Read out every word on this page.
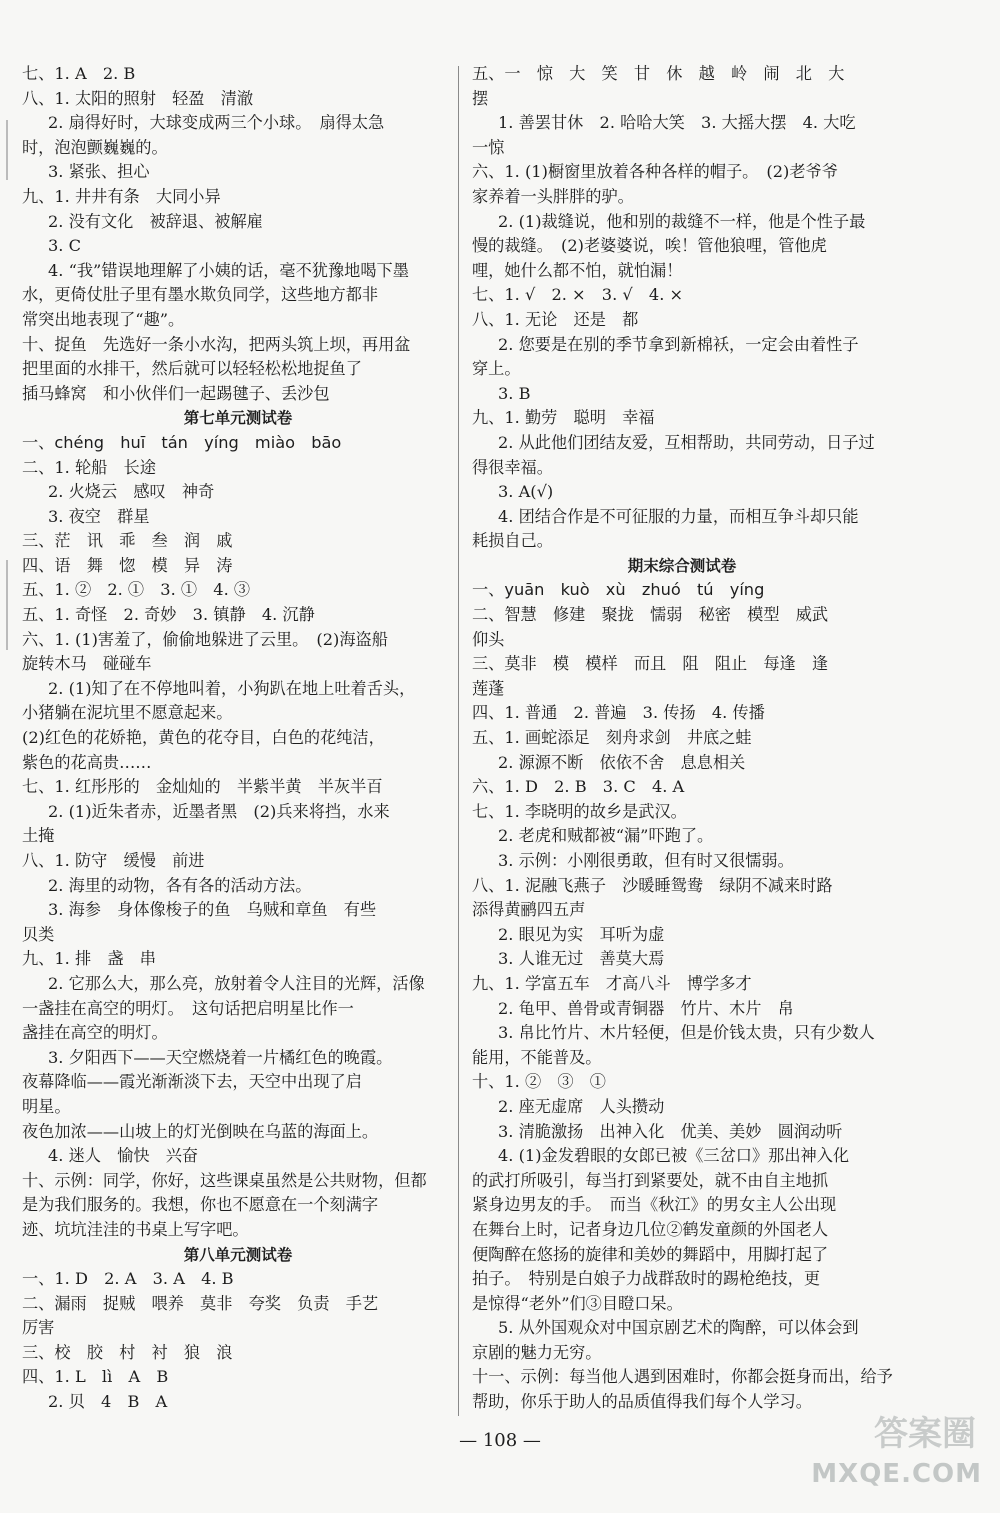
七、1. A　2. B
八、1. 太阳的照射　轻盈　清澈
2. 扇得好时，大球变成两三个小球。　扇得太急
时，泡泡颤巍巍的。
3. 紧张、担心
九、1. 井井有条　大同小异
2. 没有文化　被辞退、被解雇
3. C
4. “我”错误地理解了小姨的话，毫不犹豫地喝下墨
水，更倚仗肚子里有墨水欺负同学，这些地方都非
常突出地表现了“趣”。
十、捉鱼　先选好一条小水沟，把两头筑上坝，再用盆
把里面的水排干，然后就可以轻轻松松地捉鱼了
插马蜂窝　和小伙伴们一起踢毽子、丢沙包
第七单元测试卷
一、chéng　huī　tán　yíng　miào　bāo
二、1. 轮船　长途
2. 火烧云　感叹　神奇
3. 夜空　群星
三、茫　讯　乖　叁　润　戚
四、语　舞　惚　模　异　涛
五、1. ②　2. ①　3. ①　4. ③
五、1. 奇怪　2. 奇妙　3. 镇静　4. 沉静
六、1. (1)害羞了，偷偷地躲进了云里。　(2)海盗船
旋转木马　碰碰车
2. (1)知了在不停地叫着，小狗趴在地上吐着舌头，
小猪躺在泥坑里不愿意起来。
(2)红色的花娇艳，黄色的花夺目，白色的花纯洁，
紫色的花高贵……
七、1. 红彤彤的　金灿灿的　半紫半黄　半灰半百
2. (1)近朱者赤，近墨者黑　(2)兵来将挡，水来
土掩
八、1. 防守　缓慢　前进
2. 海里的动物，各有各的活动方法。
3. 海参　身体像梭子的鱼　乌贼和章鱼　有些
贝类
九、1. 排　盏　串
2. 它那么大，那么亮，放射着令人注目的光辉，活像
一盏挂在高空的明灯。　这句话把启明星比作一
盏挂在高空的明灯。
3. 夕阳西下——天空燃烧着一片橘红色的晚霞。
夜幕降临——霞光渐渐淡下去，天空中出现了启
明星。
夜色加浓——山坡上的灯光倒映在乌蓝的海面上。
4. 迷人　愉快　兴奋
十、示例：同学，你好，这些课桌虽然是公共财物，但都
是为我们服务的。我想，你也不愿意在一个刻满字
迹、坑坑洼洼的书桌上写字吧。
第八单元测试卷
一、1. D　2. A　3. A　4. B
二、漏雨　捉贼　喂养　莫非　夸奖　负责　手艺
厉害
三、校　胶　村　衬　狼　浪
四、1. L　lì　A　B
2. 贝　4　B　A
五、一　惊　大　笑　甘　休　越　岭　闹　北　大
摆
1. 善罢甘休　2. 哈哈大笑　3. 大摇大摆　4. 大吃
一惊
六、1. (1)橱窗里放着各种各样的帽子。　(2)老爷爷
家养着一头胖胖的驴。
2. (1)裁缝说，他和别的裁缝不一样，他是个性子最
慢的裁缝。　(2)老婆婆说，唉！管他狼哩，管他虎
哩，她什么都不怕，就怕漏！
七、1. √　2. ×　3. √　4. ×
八、1. 无论　还是　都
2. 您要是在别的季节拿到新棉袄，一定会由着性子
穿上。
3. B
九、1. 勤劳　聪明　幸福
2. 从此他们团结友爱，互相帮助，共同劳动，日子过
得很幸福。
3. A(√)
4. 团结合作是不可征服的力量，而相互争斗却只能
耗损自己。
期末综合测试卷
一、yuān　kuò　xù　zhuó　tú　yíng
二、智慧　修建　聚拢　懦弱　秘密　模型　威武
仰头
三、莫非　模　模样　而且　阻　阻止　每逢　逢
莲蓬
四、1. 普通　2. 普遍　3. 传扬　4. 传播
五、1. 画蛇添足　刻舟求剑　井底之蛙
2. 源源不断　依依不舍　息息相关
六、1. D　2. B　3. C　4. A
七、1. 李晓明的故乡是武汉。
2. 老虎和贼都被“漏”吓跑了。
3. 示例：小刚很勇敢，但有时又很懦弱。
八、1. 泥融飞燕子　沙暖睡鸳鸯　绿阴不减来时路
添得黄鹂四五声
2. 眼见为实　耳听为虚
3. 人谁无过　善莫大焉
九、1. 学富五车　才高八斗　博学多才
2. 龟甲、兽骨或青铜器　竹片、木片　帛
3. 帛比竹片、木片轻便，但是价钱太贵，只有少数人
能用，不能普及。
十、1. ②　③　①
2. 座无虚席　人头攒动
3. 清脆激扬　出神入化　优美、美妙　圆润动听
4. (1)金发碧眼的女郎已被《三岔口》那出神入化
的武打所吸引，每当打到紧要处，就不由自主地抓
紧身边男友的手。　而当《秋江》的男女主人公出现
在舞台上时，记者身边几位②鹤发童颜的外国老人
便陶醉在悠扬的旋律和美妙的舞蹈中，用脚打起了
拍子。　特别是白娘子力战群敌时的踢枪绝技，更
是惊得“老外”们③目瞪口呆。
5. 从外国观众对中国京剧艺术的陶醉，可以体会到
京剧的魅力无穷。
十一、示例：每当他人遇到困难时，你都会挺身而出，给予
帮助，你乐于助人的品质值得我们每个人学习。
— 108 —	答案圈
MXQE.COM
